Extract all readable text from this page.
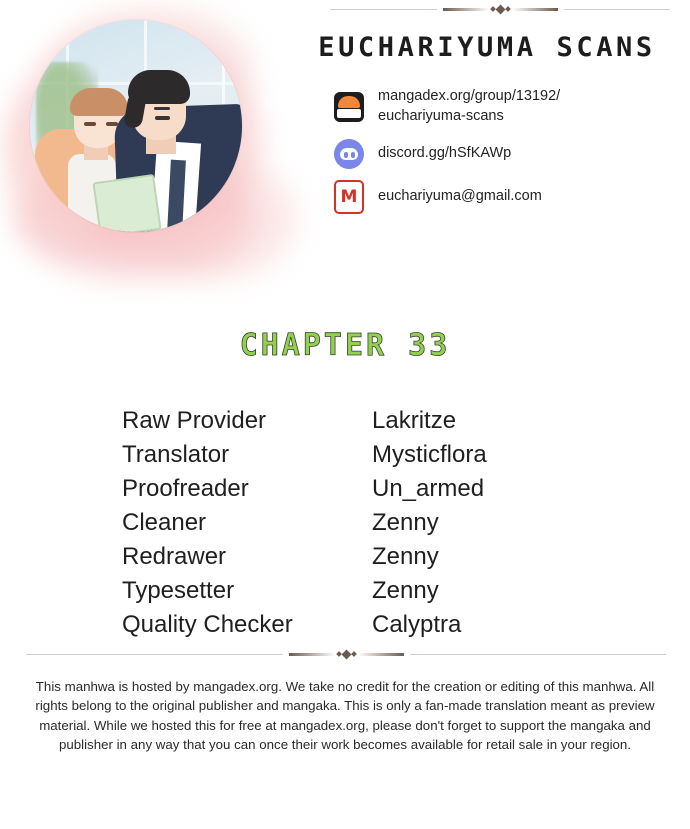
EUCHARIYUMA SCANS
mangadex.org/group/13192/
euchariyuma-scans
discord.gg/hSfKAWp
M	euchariyuma@gmail.com
CHAPTER 33
Raw Provider	Lakritze
Translator	Mysticflora
Proofreader	Un_armed
Cleaner	Zenny
Redrawer	Zenny
Typesetter	Zenny
Quality Checker	Calyptra
This manhwa is hosted by mangadex.org. We take no credit for the creation or editing of this manhwa. All rights belong to the original publisher and mangaka. This is only a fan-made translation meant as preview material. While we hosted this for free at mangadex.org, please don't forget to support the mangaka and publisher in any way that you can once their work becomes available for retail sale in your region.
